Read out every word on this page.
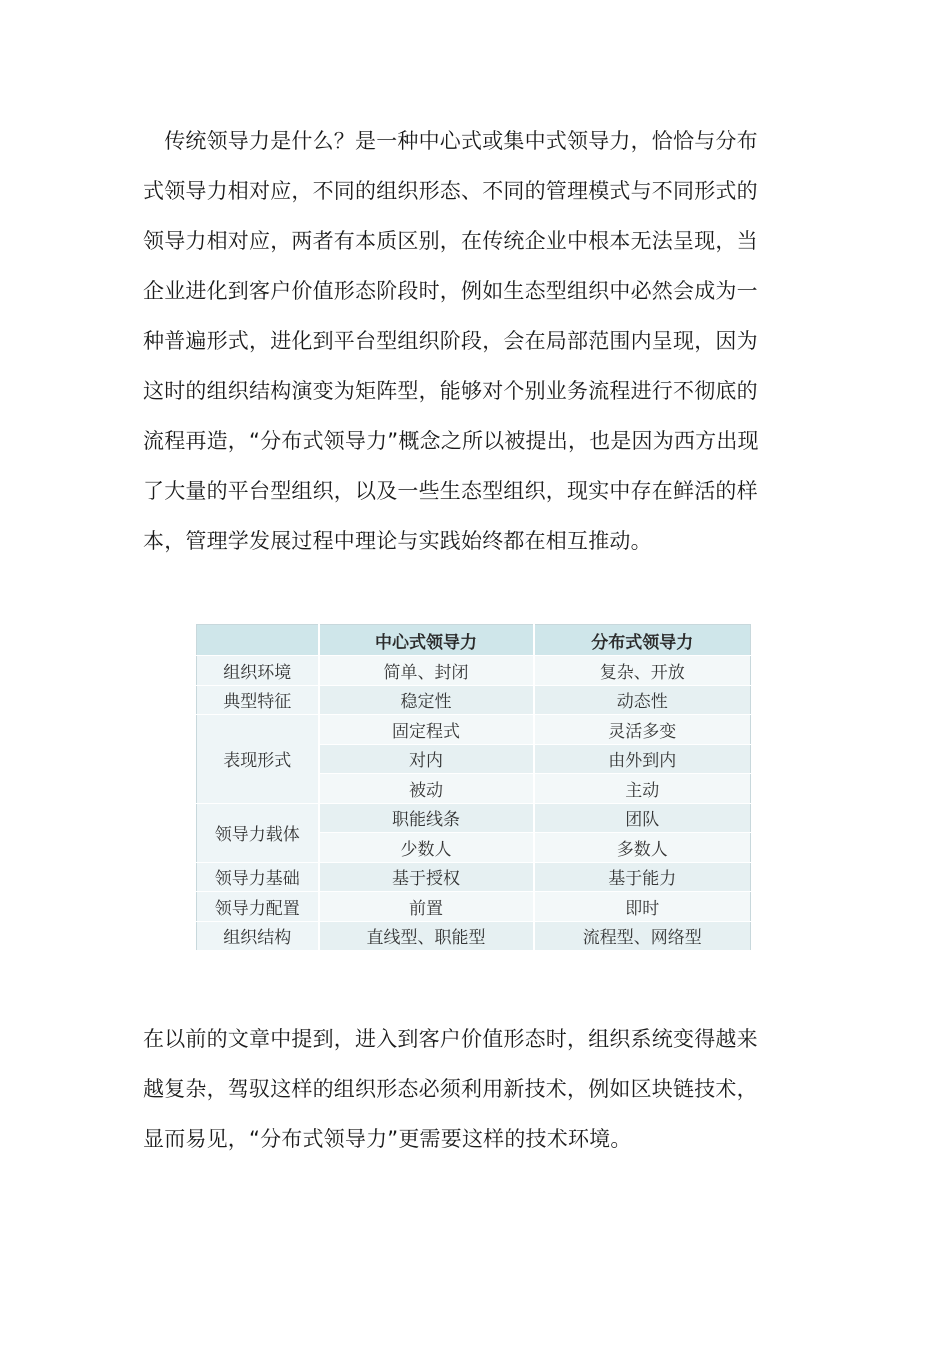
　传统领导力是什么？是一种中心式或集中式领导力，恰恰与分布
式领导力相对应，不同的组织形态、不同的管理模式与不同形式的
领导力相对应，两者有本质区别，在传统企业中根本无法呈现，当
企业进化到客户价值形态阶段时，例如生态型组织中必然会成为一
种普遍形式，进化到平台型组织阶段，会在局部范围内呈现，因为
这时的组织结构演变为矩阵型，能够对个别业务流程进行不彻底的
流程再造，“分布式领导力”概念之所以被提出，也是因为西方出现
了大量的平台型组织，以及一些生态型组织，现实中存在鲜活的样
本，管理学发展过程中理论与实践始终都在相互推动。
	中心式领导力	分布式领导力
组织环境	简单、封闭	复杂、开放
典型特征	稳定性	动态性
表现形式	固定程式	灵活多变
	对内	由外到内
	被动	主动
领导力载体	职能线条	团队
	少数人	多数人
领导力基础	基于授权	基于能力
领导力配置	前置	即时
组织结构	直线型、职能型	流程型、网络型
在以前的文章中提到，进入到客户价值形态时，组织系统变得越来
越复杂，驾驭这样的组织形态必须利用新技术，例如区块链技术，
显而易见，“分布式领导力”更需要这样的技术环境。
